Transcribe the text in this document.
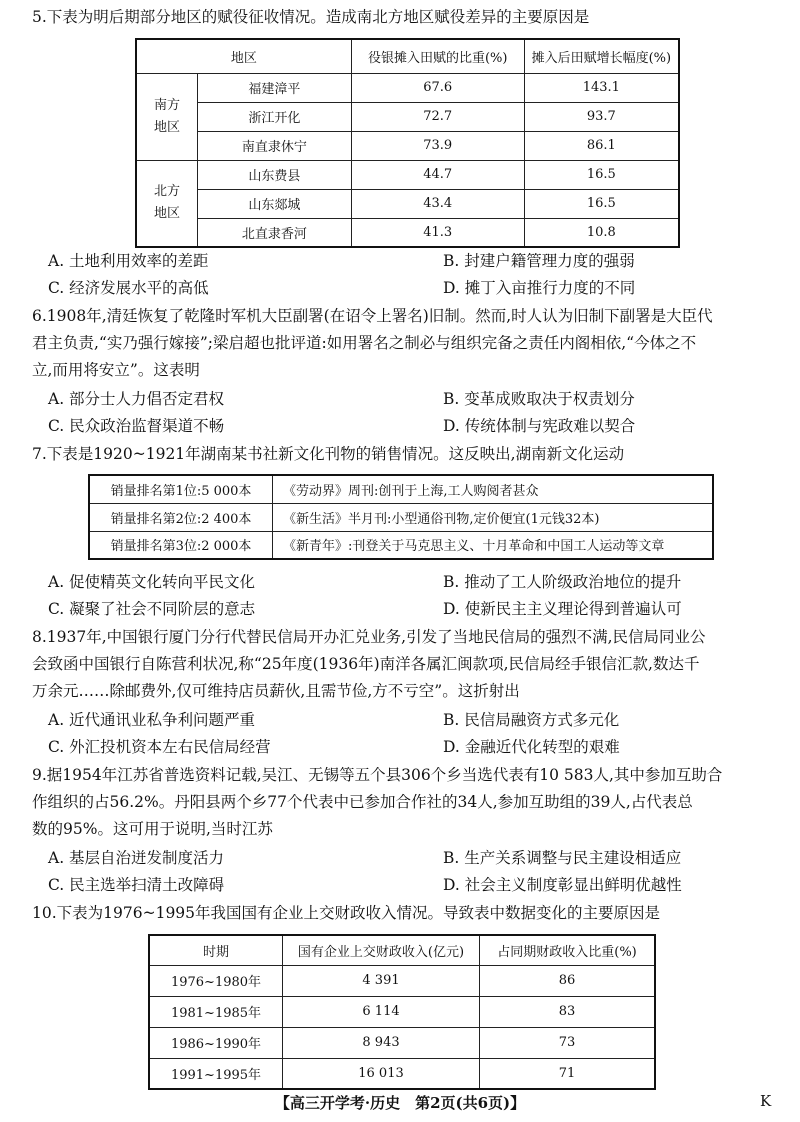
5.下表为明后期部分地区的赋役征收情况。造成南北方地区赋役差异的主要原因是

地区		役银摊入田赋的比重(%)	摊入后田赋增长幅度(%)
南方
地区	福建漳平	67.6	143.1
	浙江开化	72.7	93.7
	南直隶休宁	73.9	86.1
北方
地区	山东费县	44.7	16.5
	山东郯城	43.4	16.5
	北直隶香河	41.3	10.8
A. 土地利用效率的差距	B. 封建户籍管理力度的强弱
C. 经济发展水平的高低	D. 摊丁入亩推行力度的不同
6.1908年,清廷恢复了乾隆时军机大臣副署(在诏令上署名)旧制。然而,时人认为旧制下副署是大臣代
君主负责,“实乃强行嫁接”;梁启超也批评道:如用署名之制必与组织完备之责任内阁相依,“今体之不
立,而用将安立”。这表明
A. 部分士人力倡否定君权	B. 变革成败取决于权责划分
C. 民众政治监督渠道不畅	D. 传统体制与宪政难以契合

7.下表是1920~1921年湖南某书社新文化刊物的销售情况。这反映出,湖南新文化运动

销量排名第1位:5 000本	《劳动界》周刊:创刊于上海,工人购阅者甚众
销量排名第2位:2 400本	《新生活》半月刊:小型通俗刊物,定价便宜(1元钱32本)
销量排名第3位:2 000本	《新青年》:刊登关于马克思主义、十月革命和中国工人运动等文章
A. 促使精英文化转向平民文化	B. 推动了工人阶级政治地位的提升
C. 凝聚了社会不同阶层的意志	D. 使新民主主义理论得到普遍认可
8.1937年,中国银行厦门分行代替民信局开办汇兑业务,引发了当地民信局的强烈不满,民信局同业公
会致函中国银行自陈营利状况,称“25年度(1936年)南洋各属汇闽款项,民信局经手银信汇款,数达千
万余元……除邮费外,仅可维持店员薪伙,且需节俭,方不亏空”。这折射出
A. 近代通讯业私争利问题严重	B. 民信局融资方式多元化
C. 外汇投机资本左右民信局经营	D. 金融近代化转型的艰难
9.据1954年江苏省普选资料记载,吴江、无锡等五个县306个乡当选代表有10 583人,其中参加互助合
作组织的占56.2%。丹阳县两个乡77个代表中已参加合作社的34人,参加互助组的39人,占代表总
数的95%。这可用于说明,当时江苏
A. 基层自治迸发制度活力	B. 生产关系调整与民主建设相适应
C. 民主选举扫清土改障碍	D. 社会主义制度彰显出鲜明优越性

10.下表为1976~1995年我国国有企业上交财政收入情况。导致表中数据变化的主要原因是

时期	国有企业上交财政收入(亿元)	占同期财政收入比重(%)
1976~1980年	4 391	86
1981~1985年	6 114	83
1986~1990年	8 943	73
1991~1995年	16 013	71
【高三开学考·历史　第2页(共6页)】	K
